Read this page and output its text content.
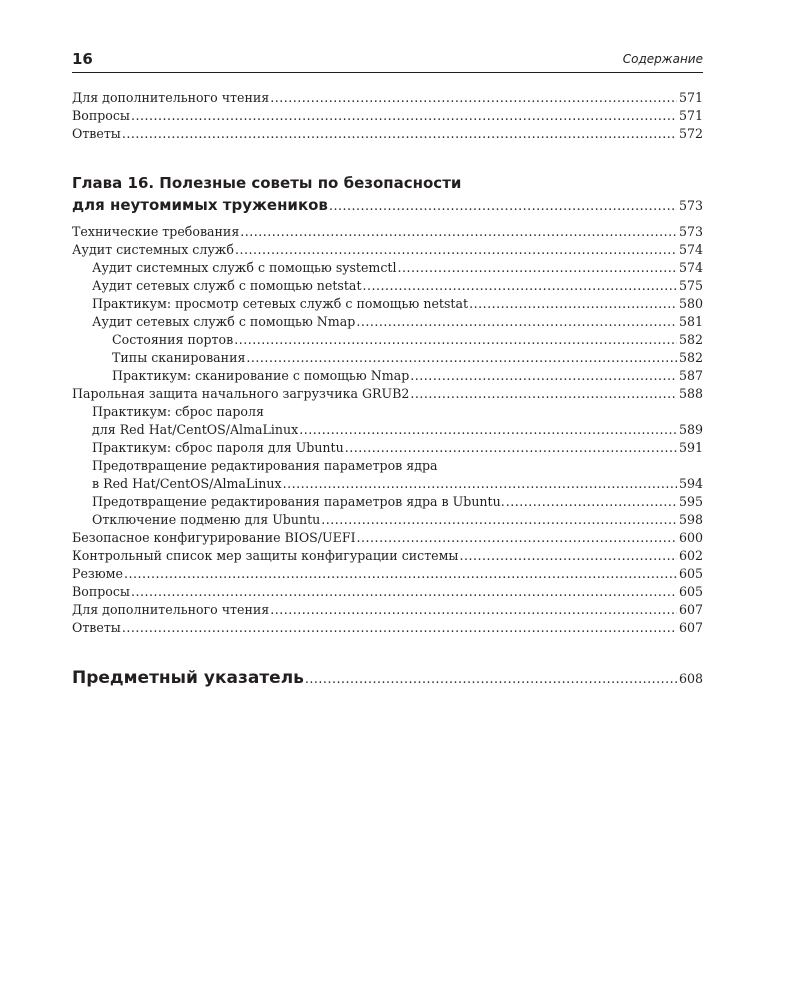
16	Содержание
Для дополнительного чтения .....	571
Вопросы .....	571
Ответы .....	572
Глава 16. Полезные советы по безопасности
для неутомимых тружеников .....	573
Технические требования .....	573
Аудит системных служб .....	574
Аудит системных служб с помощью systemctl .....	574
Аудит сетевых служб с помощью netstat .....	575
Практикум: просмотр сетевых служб с помощью netstat .....	580
Аудит сетевых служб с помощью Nmap .....	581
Состояния портов .....	582
Типы сканирования .....	582
Практикум: сканирование с помощью Nmap .....	587
Парольная защита начального загрузчика GRUB2 .....	588
Практикум: сброс пароля
для Red Hat/CentOS/AlmaLinux .....	589
Практикум: сброс пароля для Ubuntu .....	591
Предотвращение редактирования параметров ядра
в Red Hat/CentOS/AlmaLinux .....	594
Предотвращение редактирования параметров ядра в Ubuntu. .....	595
Отключение подменю для Ubuntu .....	598
Безопасное конфигурирование BIOS/UEFI .....	600
Контрольный список мер защиты конфигурации системы .....	602
Резюме .....	605
Вопросы .....	605
Для дополнительного чтения .....	607
Ответы .....	607
Предметный указатель .....	608
